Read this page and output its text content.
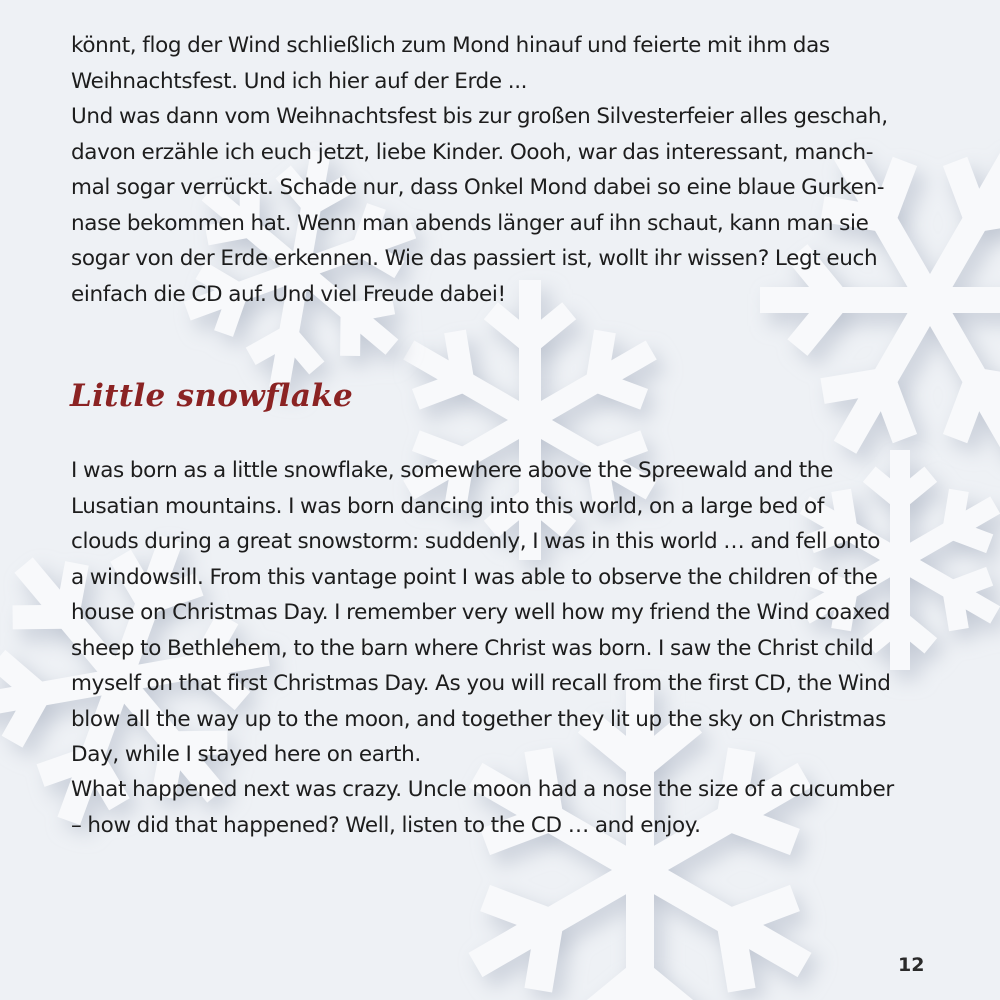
könnt, flog der Wind schließlich zum Mond hinauf und feierte mit ihm das
Weihnachtsfest. Und ich hier auf der Erde ...

Und was dann vom Weihnachtsfest bis zur großen Silvesterfeier alles geschah,
davon erzähle ich euch jetzt, liebe Kinder. Oooh, war das interessant, manch-
mal sogar verrückt. Schade nur, dass Onkel Mond dabei so eine blaue Gurken-
nase bekommen hat. Wenn man abends länger auf ihn schaut, kann man sie
sogar von der Erde erkennen. Wie das passiert ist, wollt ihr wissen? Legt euch
einfach die CD auf. Und viel Freude dabei!

Little snowflake

I was born as a little snowflake, somewhere above the Spreewald and the
Lusatian mountains. I was born dancing into this world, on a large bed of
clouds during a great snowstorm: suddenly, I was in this world … and fell onto
a windowsill. From this vantage point I was able to observe the children of the
house on Christmas Day. I remember very well how my friend the Wind coaxed
sheep to Bethlehem, to the barn where Christ was born. I saw the Christ child
myself on that first Christmas Day. As you will recall from the first CD, the Wind
blow all the way up to the moon, and together they lit up the sky on Christmas
Day, while I stayed here on earth.

What happened next was crazy. Uncle moon had a nose the size of a cucumber
– how did that happened? Well, listen to the CD … and enjoy.

12
